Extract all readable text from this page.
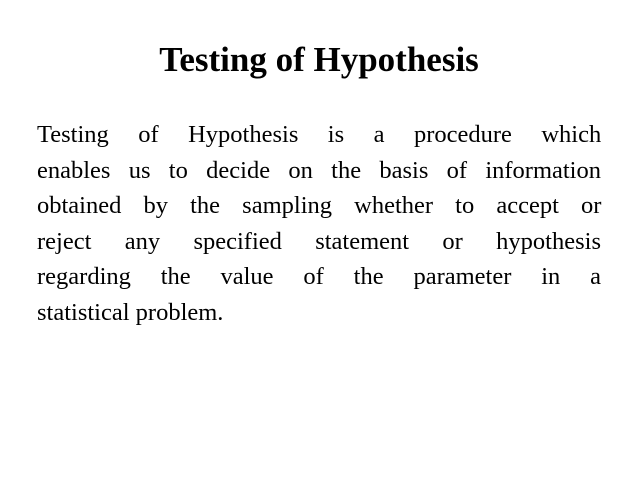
Testing of Hypothesis
Testing of Hypothesis is a procedure which
enables us to decide on the basis of information
obtained by the sampling whether to accept or
reject any specified statement or hypothesis
regarding the value of the parameter in a
statistical problem.
